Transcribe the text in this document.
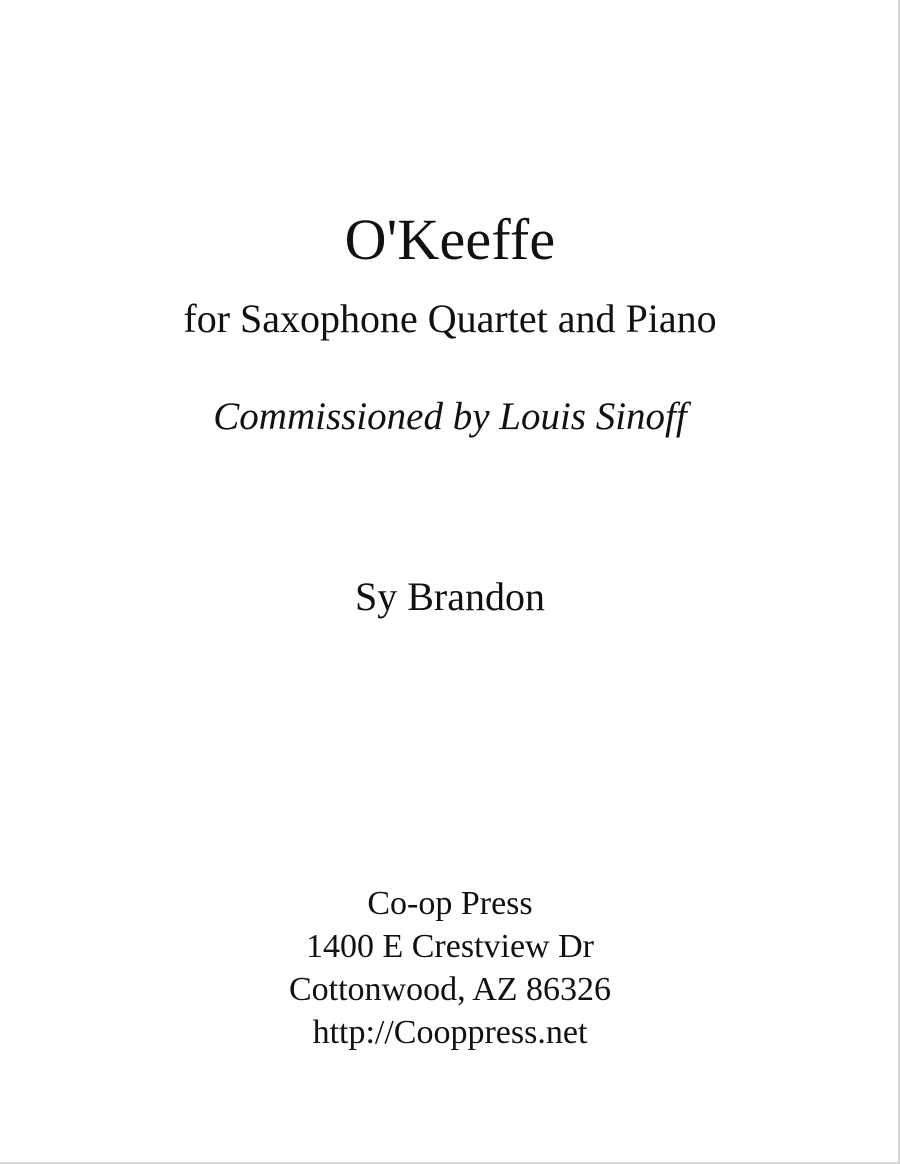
O'Keeffe
for Saxophone Quartet and Piano
Commissioned by Louis Sinoff
Sy Brandon
Co-op Press
1400 E Crestview Dr
Cottonwood, AZ 86326
http://Cooppress.net
